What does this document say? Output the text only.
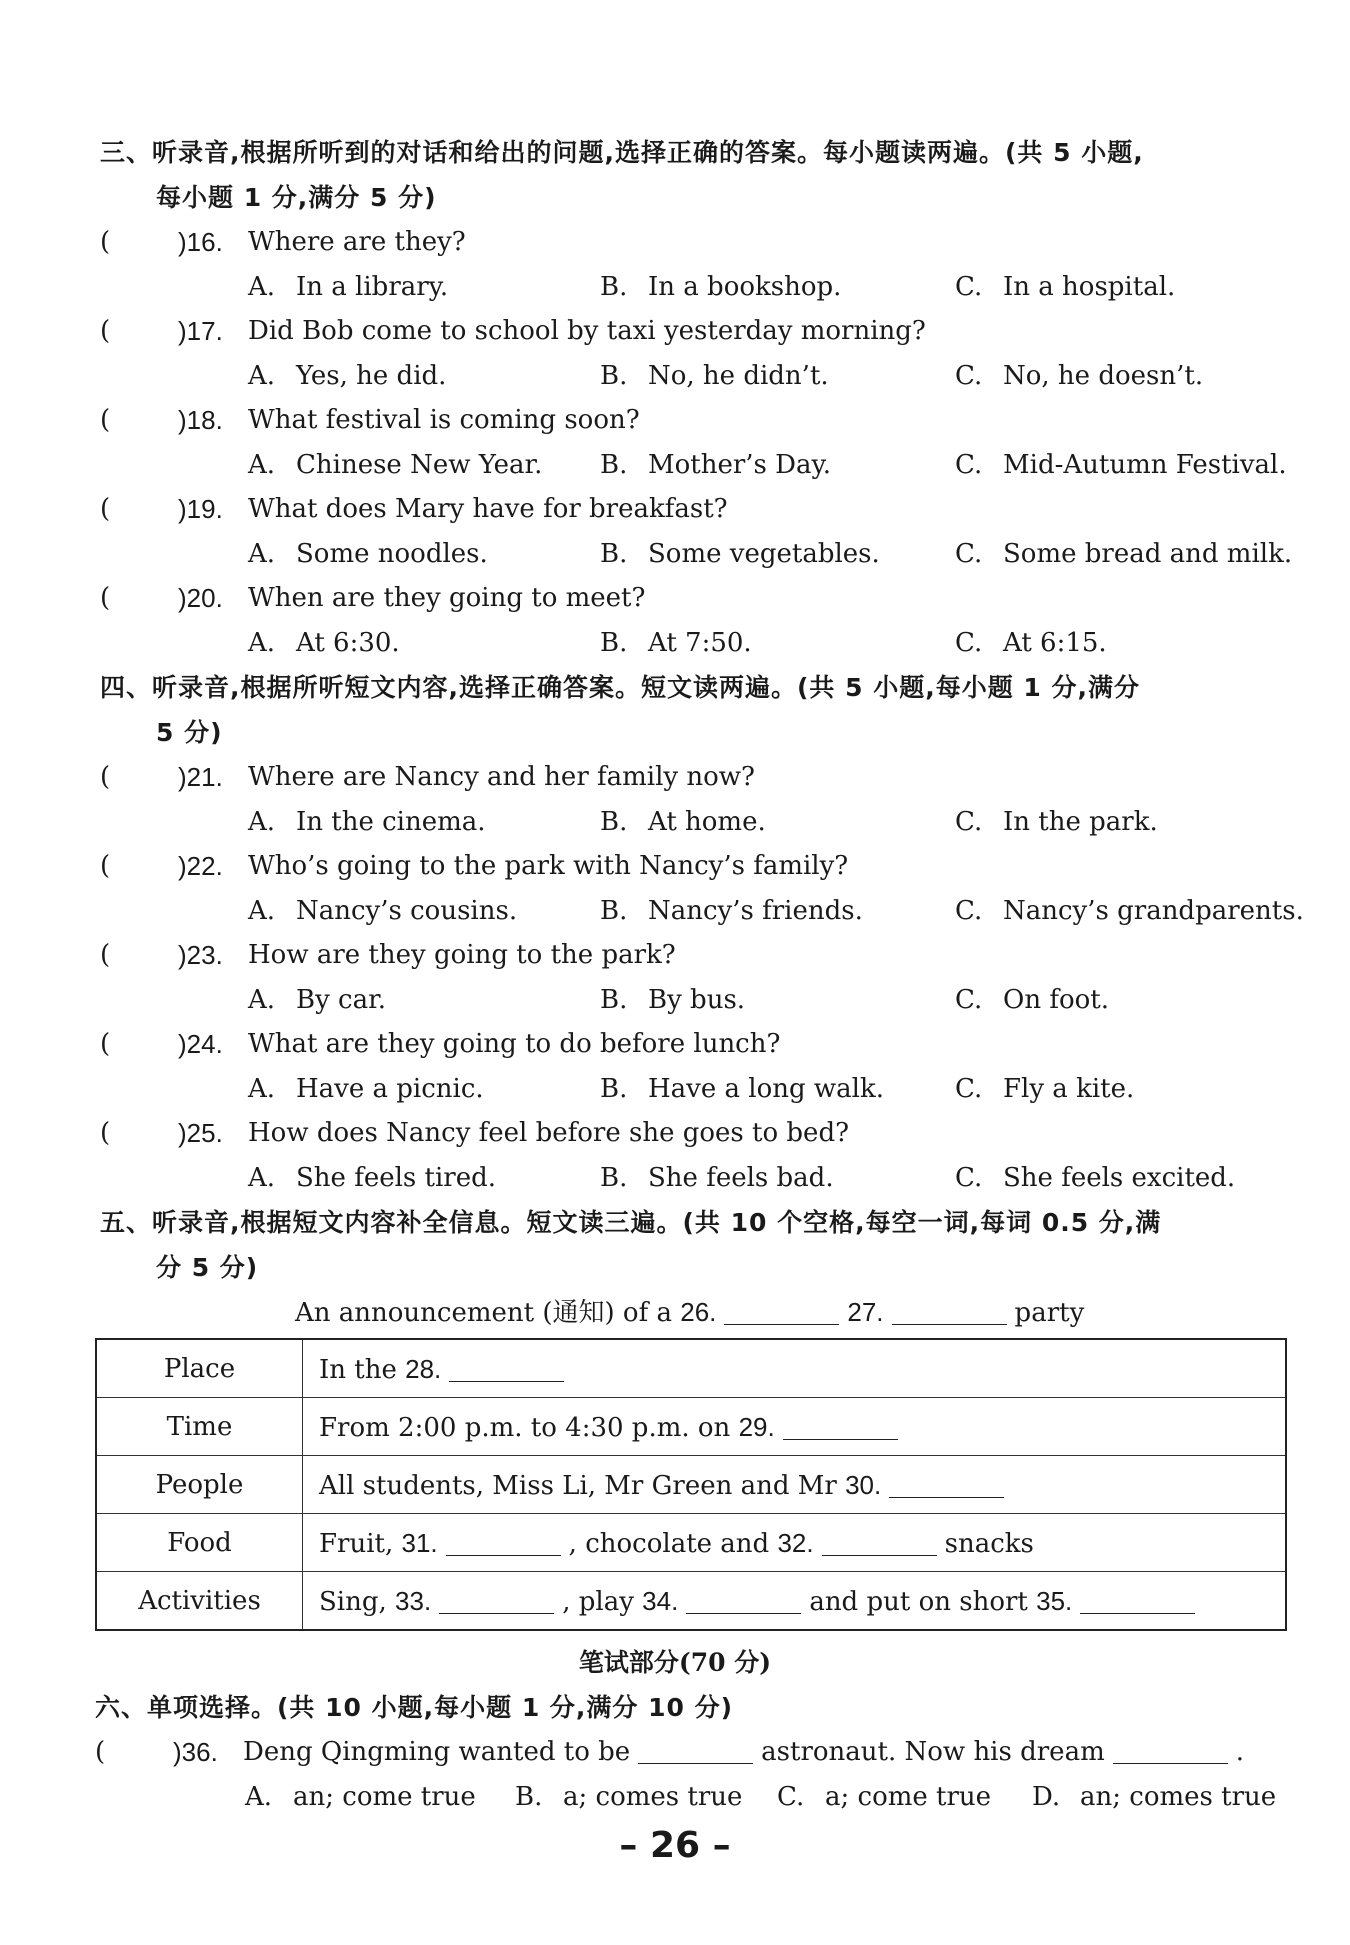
三、听录音,根据所听到的对话和给出的问题,选择正确的答案。每小题读两遍。(共 5 小题,
每小题 1 分,满分 5 分)
(	)16. Where are they?
A. In a library.	B. In a bookshop.	C. In a hospital.
(	)17. Did Bob come to school by taxi yesterday morning?
A. Yes, he did.	B. No, he didn’t.	C. No, he doesn’t.
(	)18. What festival is coming soon?
A. Chinese New Year. B. Mother’s Day.	C. Mid-Autumn Festival.
(	)19. What does Mary have for breakfast?
A. Some noodles.	B. Some vegetables.	C. Some bread and milk.
(	)20. When are they going to meet?
A. At 6:30.	B. At 7:50.	C. At 6:15.
四、听录音,根据所听短文内容,选择正确答案。短文读两遍。(共 5 小题,每小题 1 分,满分
5 分)
(	)21. Where are Nancy and her family now?
A. In the cinema.	B. At home.	C. In the park.
(	)22. Who’s going to the park with Nancy’s family?
A. Nancy’s cousins.	B. Nancy’s friends.	C. Nancy’s grandparents.
(	)23. How are they going to the park?
A. By car.	B. By bus.	C. On foot.
(	)24. What are they going to do before lunch?
A. Have a picnic.	B. Have a long walk.	C. Fly a kite.
(	)25. How does Nancy feel before she goes to bed?
A. She feels tired.	B. She feels bad.	C. She feels excited.
五、听录音,根据短文内容补全信息。短文读三遍。(共 10 个空格,每空一词,每词 0.5 分,满
分 5 分)
An announcement (通知) of a 26.	27.	party
Place	In the 28.
Time	From 2:00 p.m. to 4:30 p.m. on 29.
People	All students, Miss Li, Mr Green and Mr 30.
Food	Fruit, 31. , chocolate and 32. snacks
Activities	Sing, 33. , play 34. and put on short 35.
笔试部分(70 分)
六、单项选择。(共 10 小题,每小题 1 分,满分 10 分)
(	)36. Deng Qingming wanted to be	astronaut. Now his dream	.
A. an; come true B. a; comes true C. a; come true D. an; comes true
– 26 –
